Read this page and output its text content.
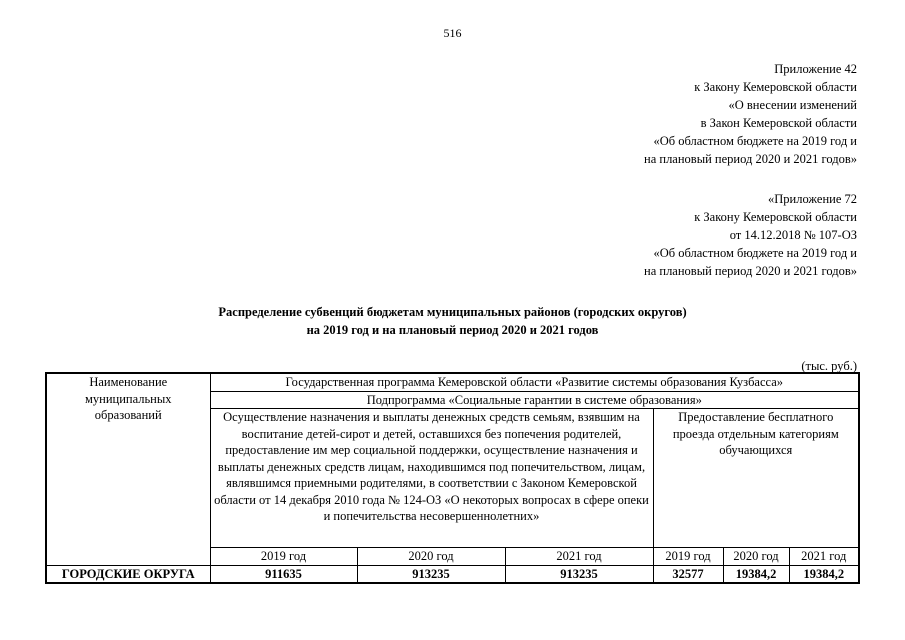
516
Приложение 42
к Закону Кемеровской области
«О внесении изменений
в Закон Кемеровской области
«Об областном бюджете на 2019 год и
на плановый период 2020 и 2021 годов»
«Приложение 72
к Закону Кемеровской области
от 14.12.2018 № 107-ОЗ
«Об областном бюджете на 2019 год и
на плановый период 2020 и 2021 годов»
Распределение субвенций бюджетам муниципальных районов (городских округов)
на 2019 год и на плановый период 2020 и 2021 годов
(тыс. руб.)
Наименование муниципальных образований	Государственная программа Кемеровской области «Развитие системы образования Кузбасса»					
	Подпрограмма «Социальные гарантии в системе образования»					
	Осуществление назначения и выплаты денежных средств семьям, взявшим на воспитание детей-сирот и детей, оставшихся без попечения родителей, предоставление им мер социальной поддержки, осуществление назначения и выплаты денежных средств лицам, находившимся под попечительством, лицам, являвшимся приемными родителями, в соответствии с Законом Кемеровской области от 14 декабря 2010 года № 124-ОЗ «О некоторых вопросах в сфере опеки и попечительства несовершеннолетних»			Предоставление бесплатного проезда отдельным категориям обучающихся		
	2019 год	2020 год	2021 год	2019 год	2020 год	2021 год
ГОРОДСКИЕ ОКРУГА	911635	913235	913235	32577	19384,2	19384,2
